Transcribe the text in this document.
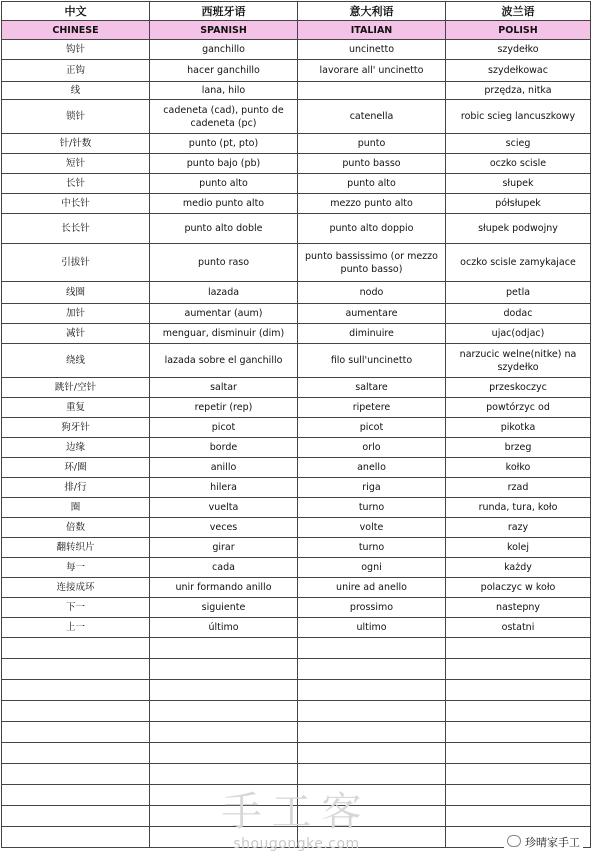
中文	西班牙语	意大利语	波兰语
CHINESE	SPANISH	ITALIAN	POLISH
钩针	ganchillo	uncinetto	szydełko
正钩	hacer ganchillo	lavorare all' uncinetto	szydełkowac
线	lana, hilo		przędza, nitka
锁针	cadeneta (cad), punto de cadeneta (pc)	catenella	robic scieg lancuszkowy
针/针数	punto (pt, pto)	punto	scieg
短针	punto bajo (pb)	punto basso	oczko scisle
长针	punto alto	punto alto	słupek
中长针	medio punto alto	mezzo punto alto	półsłupek
长长针	punto alto doble	punto alto doppio	słupek podwojny
引拔针	punto raso	punto bassissimo (or mezzo punto basso)	oczko scisle zamykajace
线圈	lazada	nodo	petla
加针	aumentar (aum)	aumentare	dodac
减针	menguar, disminuir (dim)	diminuire	ujac(odjac)
绕线	lazada sobre el ganchillo	filo sull'uncinetto	narzucic welne(nitke) na szydełko
跳针/空针	saltar	saltare	przeskoczyc
重复	repetir (rep)	ripetere	powtórzyc od
狗牙针	picot	picot	pikotka
边缘	borde	orlo	brzeg
环/圈	anillo	anello	kołko
排/行	hilera	riga	rzad
圈	vuelta	turno	runda, tura, koło
倍数	veces	volte	razy
翻转织片	girar	turno	kolej
每一	cada	ogni	każdy
连接成环	unir formando anillo	unire ad anello	polaczyc w koło
下一	siguiente	prossimo	nastepny
上一	último	ultimo	ostatni

手工客
shougongke.com	珍晴家手工
